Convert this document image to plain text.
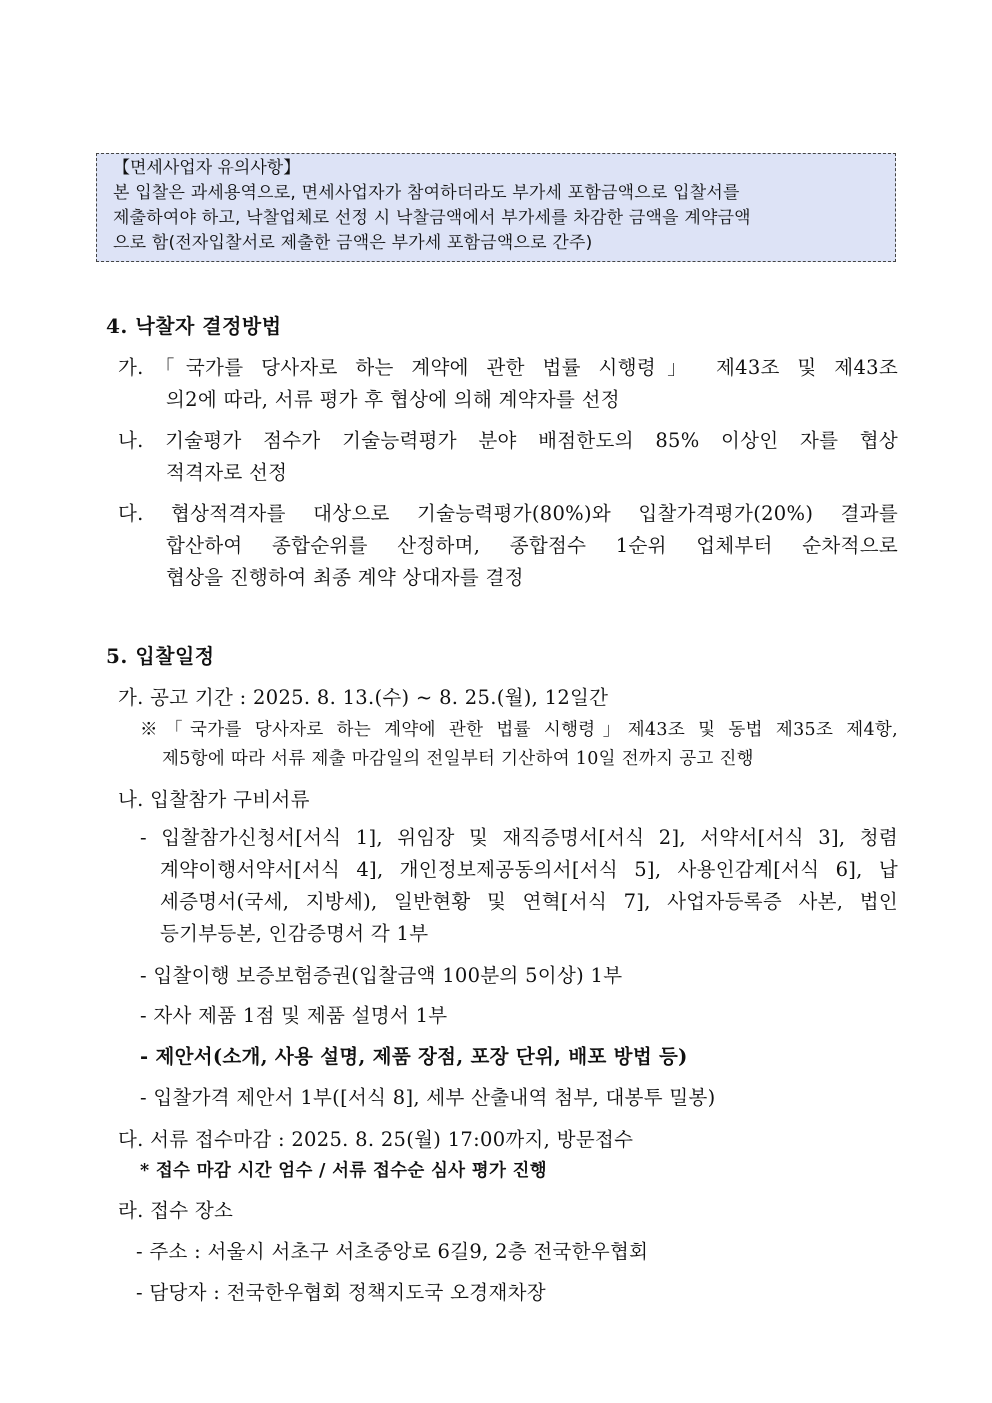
【면세사업자 유의사항】
본 입찰은 과세용역으로, 면세사업자가 참여하더라도 부가세 포함금액으로 입찰서를
제출하여야 하고, 낙찰업체로 선정 시 낙찰금액에서 부가세를 차감한 금액을 계약금액
으로 함(전자입찰서로 제출한 금액은 부가세 포함금액으로 간주)
4. 낙찰자 결정방법
가.「국가를 당사자로 하는 계약에 관한 법률 시행령」 제43조 및 제43조
의2에 따라, 서류 평가 후 협상에 의해 계약자를 선정
나. 기술평가 점수가 기술능력평가 분야 배점한도의 85% 이상인 자를 협상
적격자로 선정
다. 협상적격자를 대상으로 기술능력평가(80%)와 입찰가격평가(20%) 결과를
합산하여 종합순위를 산정하며, 종합점수 1순위 업체부터 순차적으로
협상을 진행하여 최종 계약 상대자를 결정
5. 입찰일정
가. 공고 기간 : 2025. 8. 13.(수) ~ 8. 25.(월), 12일간
※「국가를 당사자로 하는 계약에 관한 법률 시행령」제43조 및 동법 제35조 제4항,
제5항에 따라 서류 제출 마감일의 전일부터 기산하여 10일 전까지 공고 진행
나. 입찰참가 구비서류
- 입찰참가신청서[서식 1], 위임장 및 재직증명서[서식 2], 서약서[서식 3], 청렴
계약이행서약서[서식 4], 개인정보제공동의서[서식 5], 사용인감계[서식 6], 납
세증명서(국세, 지방세), 일반현황 및 연혁[서식 7], 사업자등록증 사본, 법인
등기부등본, 인감증명서 각 1부
- 입찰이행 보증보험증권(입찰금액 100분의 5이상) 1부
- 자사 제품 1점 및 제품 설명서 1부
- 제안서(소개, 사용 설명, 제품 장점, 포장 단위, 배포 방법 등)
- 입찰가격 제안서 1부([서식 8], 세부 산출내역 첨부, 대봉투 밀봉)
다. 서류 접수마감 : 2025. 8. 25(월) 17:00까지, 방문접수
* 접수 마감 시간 엄수 / 서류 접수순 심사 평가 진행
라. 접수 장소
- 주소 : 서울시 서초구 서초중앙로 6길9, 2층 전국한우협회
- 담당자 : 전국한우협회 정책지도국 오경재차장
